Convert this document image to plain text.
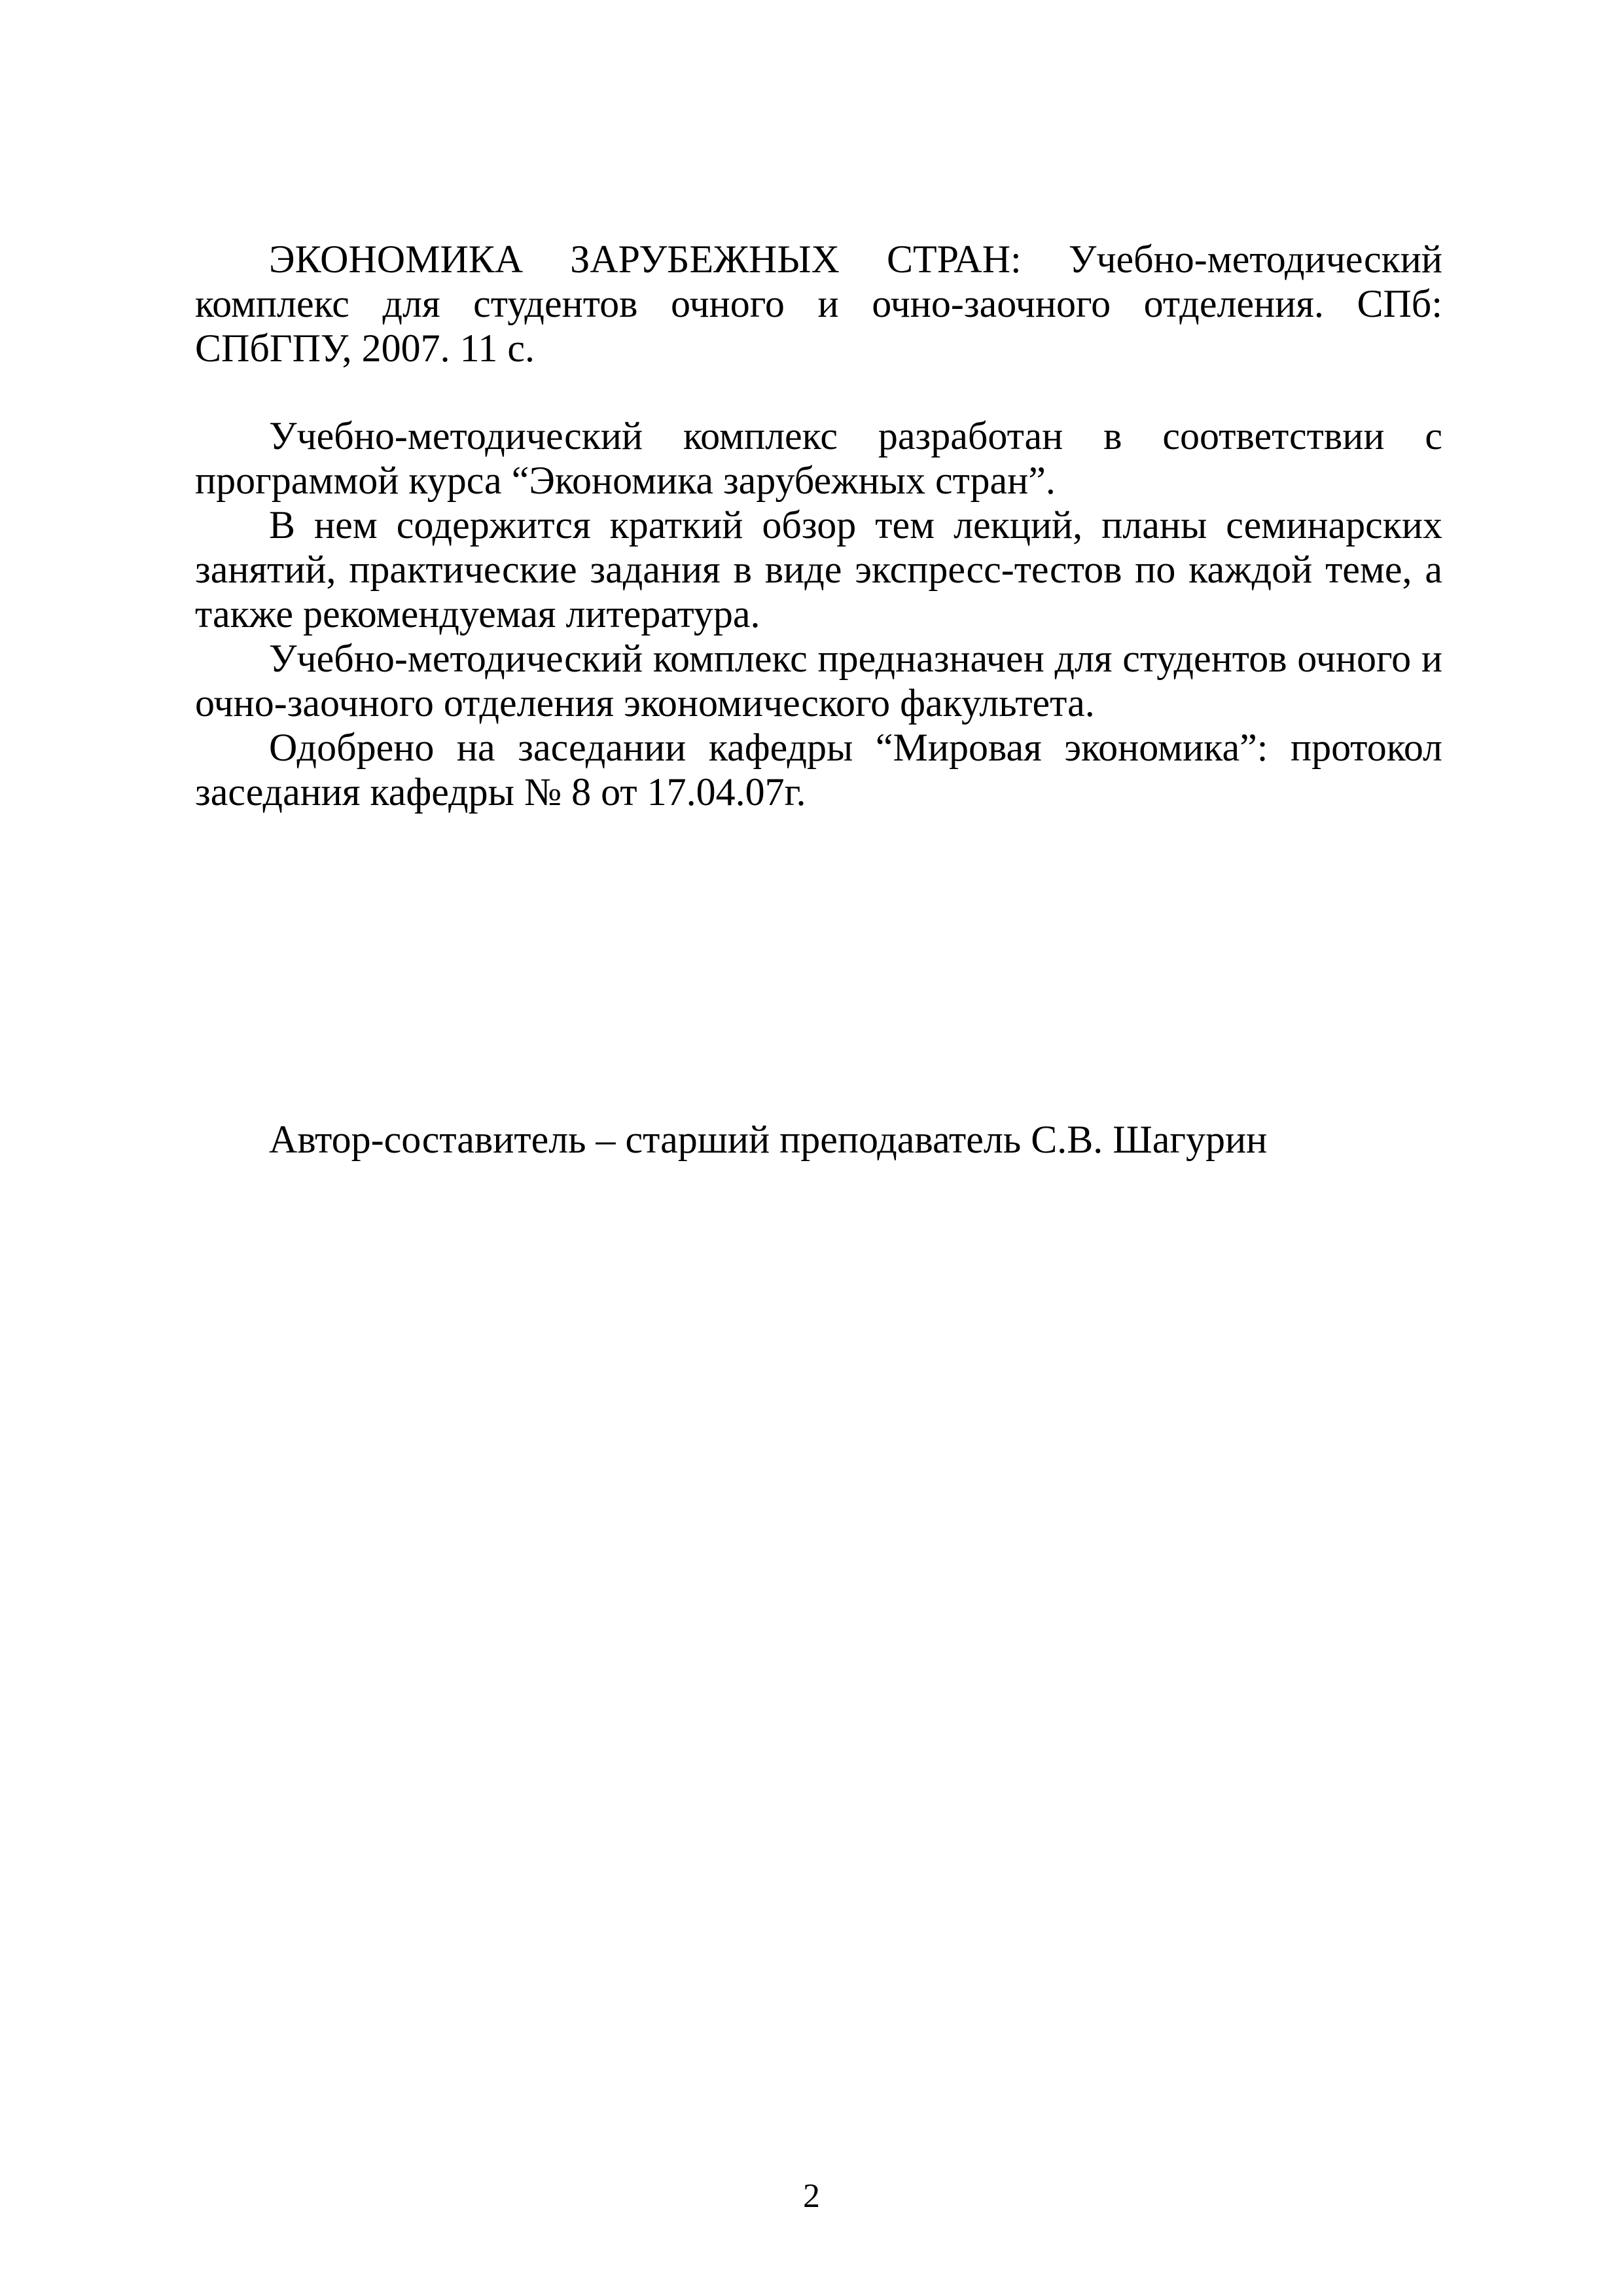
ЭКОНОМИКА ЗАРУБЕЖНЫХ СТРАН: Учебно-методический комплекс для студентов очного и очно-заочного отделения. СПб: СПбГПУ, 2007. 11 с.

Учебно-методический комплекс разработан в соответствии с программой курса “Экономика зарубежных стран”.

В нем содержится краткий обзор тем лекций, планы семинарских занятий, практические задания в виде экспресс-тестов по каждой теме, а также рекомендуемая литература.

Учебно-методический комплекс предназначен для студентов очного и очно-заочного отделения экономического факультета.

Одобрено на заседании кафедры “Мировая экономика”: протокол заседания кафедры № 8 от 17.04.07г.

Автор-составитель – старший преподаватель С.В. Шагурин
2
